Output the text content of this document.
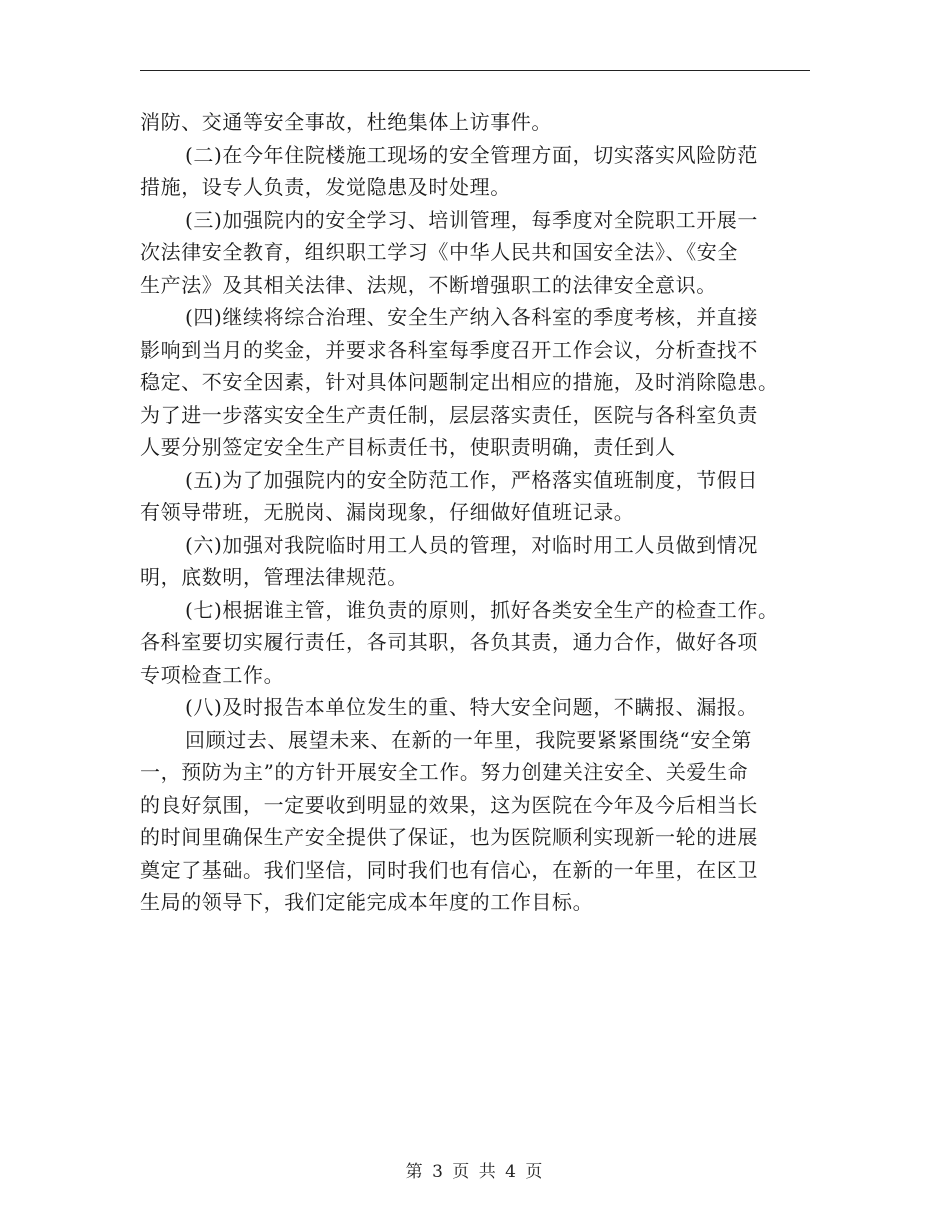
消防、交通等安全事故，杜绝集体上访事件。
(二)在今年住院楼施工现场的安全管理方面，切实落实风险防范
措施，设专人负责，发觉隐患及时处理。
(三)加强院内的安全学习、培训管理，每季度对全院职工开展一
次法律安全教育，组织职工学习《中华人民共和国安全法》、《安全
生产法》及其相关法律、法规，不断增强职工的法律安全意识。
(四)继续将综合治理、安全生产纳入各科室的季度考核，并直接
影响到当月的奖金，并要求各科室每季度召开工作会议，分析查找不
稳定、不安全因素，针对具体问题制定出相应的措施，及时消除隐患。
为了进一步落实安全生产责任制，层层落实责任，医院与各科室负责
人要分别签定安全生产目标责任书，使职责明确，责任到人
(五)为了加强院内的安全防范工作，严格落实值班制度，节假日
有领导带班，无脱岗、漏岗现象，仔细做好值班记录。
(六)加强对我院临时用工人员的管理，对临时用工人员做到情况
明，底数明，管理法律规范。
(七)根据谁主管，谁负责的原则，抓好各类安全生产的检查工作。
各科室要切实履行责任，各司其职，各负其责，通力合作，做好各项
专项检查工作。
(八)及时报告本单位发生的重、特大安全问题，不瞒报、漏报。
回顾过去、展望未来、在新的一年里，我院要紧紧围绕“安全第
一，预防为主”的方针开展安全工作。努力创建关注安全、关爱生命
的良好氛围，一定要收到明显的效果，这为医院在今年及今后相当长
的时间里确保生产安全提供了保证，也为医院顺利实现新一轮的进展
奠定了基础。我们坚信，同时我们也有信心，在新的一年里，在区卫
生局的领导下，我们定能完成本年度的工作目标。
第 3 页 共 4 页
